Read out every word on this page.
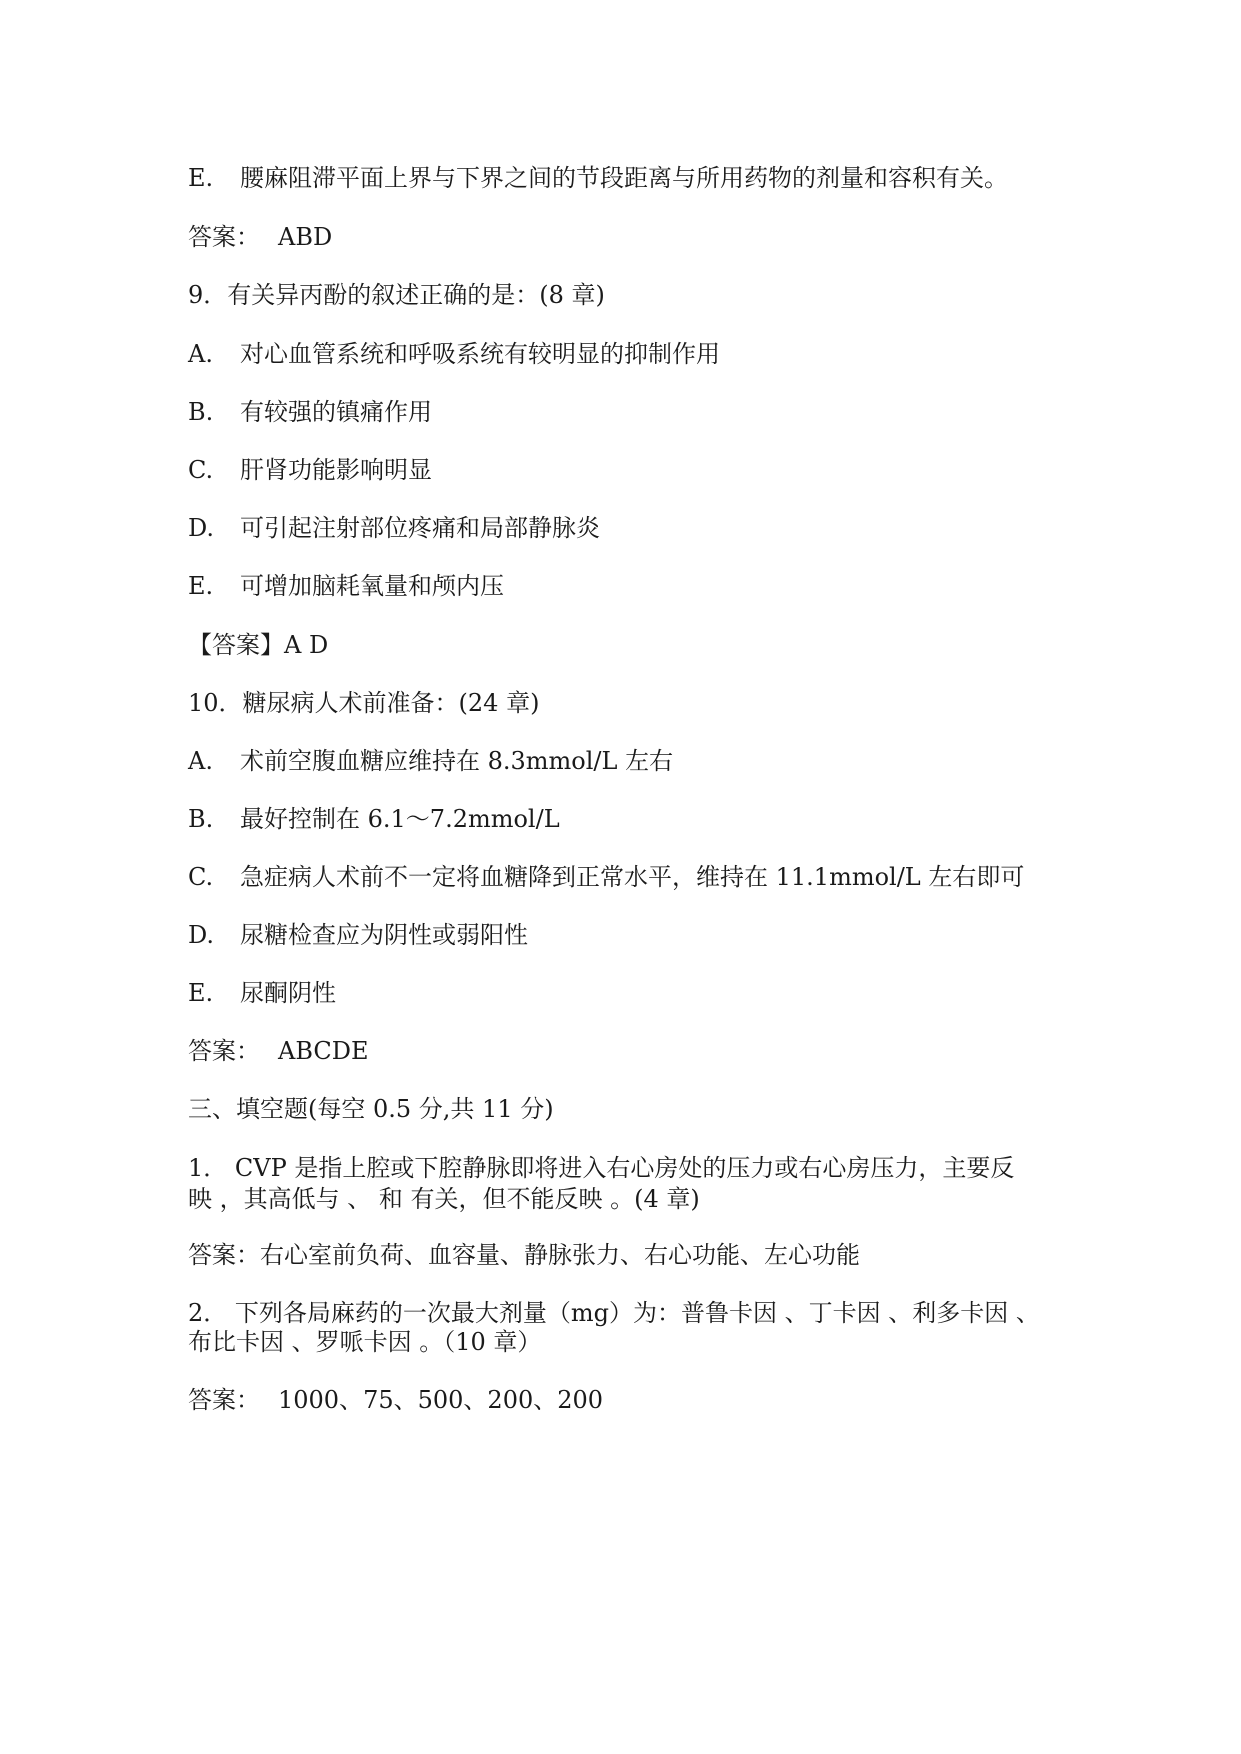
E. 腰麻阻滞平面上界与下界之间的节段距离与所用药物的剂量和容积有关。
答案： ABD
9．有关异丙酚的叙述正确的是：(8 章)
A. 对心血管系统和呼吸系统有较明显的抑制作用
B. 有较强的镇痛作用
C. 肝肾功能影响明显
D. 可引起注射部位疼痛和局部静脉炎
E. 可增加脑耗氧量和颅内压
【答案】A D
10．糖尿病人术前准备：(24 章)
A. 术前空腹血糖应维持在 8.3mmol/L 左右
B. 最好控制在 6.1～7.2mmol/L
C. 急症病人术前不一定将血糖降到正常水平，维持在 11.1mmol/L 左右即可
D. 尿糖检查应为阴性或弱阳性
E. 尿酮阴性
答案： ABCDE
三、填空题(每空 0.5 分,共 11 分)
1． CVP 是指上腔或下腔静脉即将进入右心房处的压力或右心房压力，主要反
映 ，其高低与 、 和 有关，但不能反映 。(4 章)
答案：右心室前负荷、血容量、静脉张力、右心功能、左心功能
2． 下列各局麻药的一次最大剂量（mg）为：普鲁卡因 、丁卡因 、利多卡因 、
布比卡因 、罗哌卡因 。（10 章）
答案： 1000、75、500、200、200
